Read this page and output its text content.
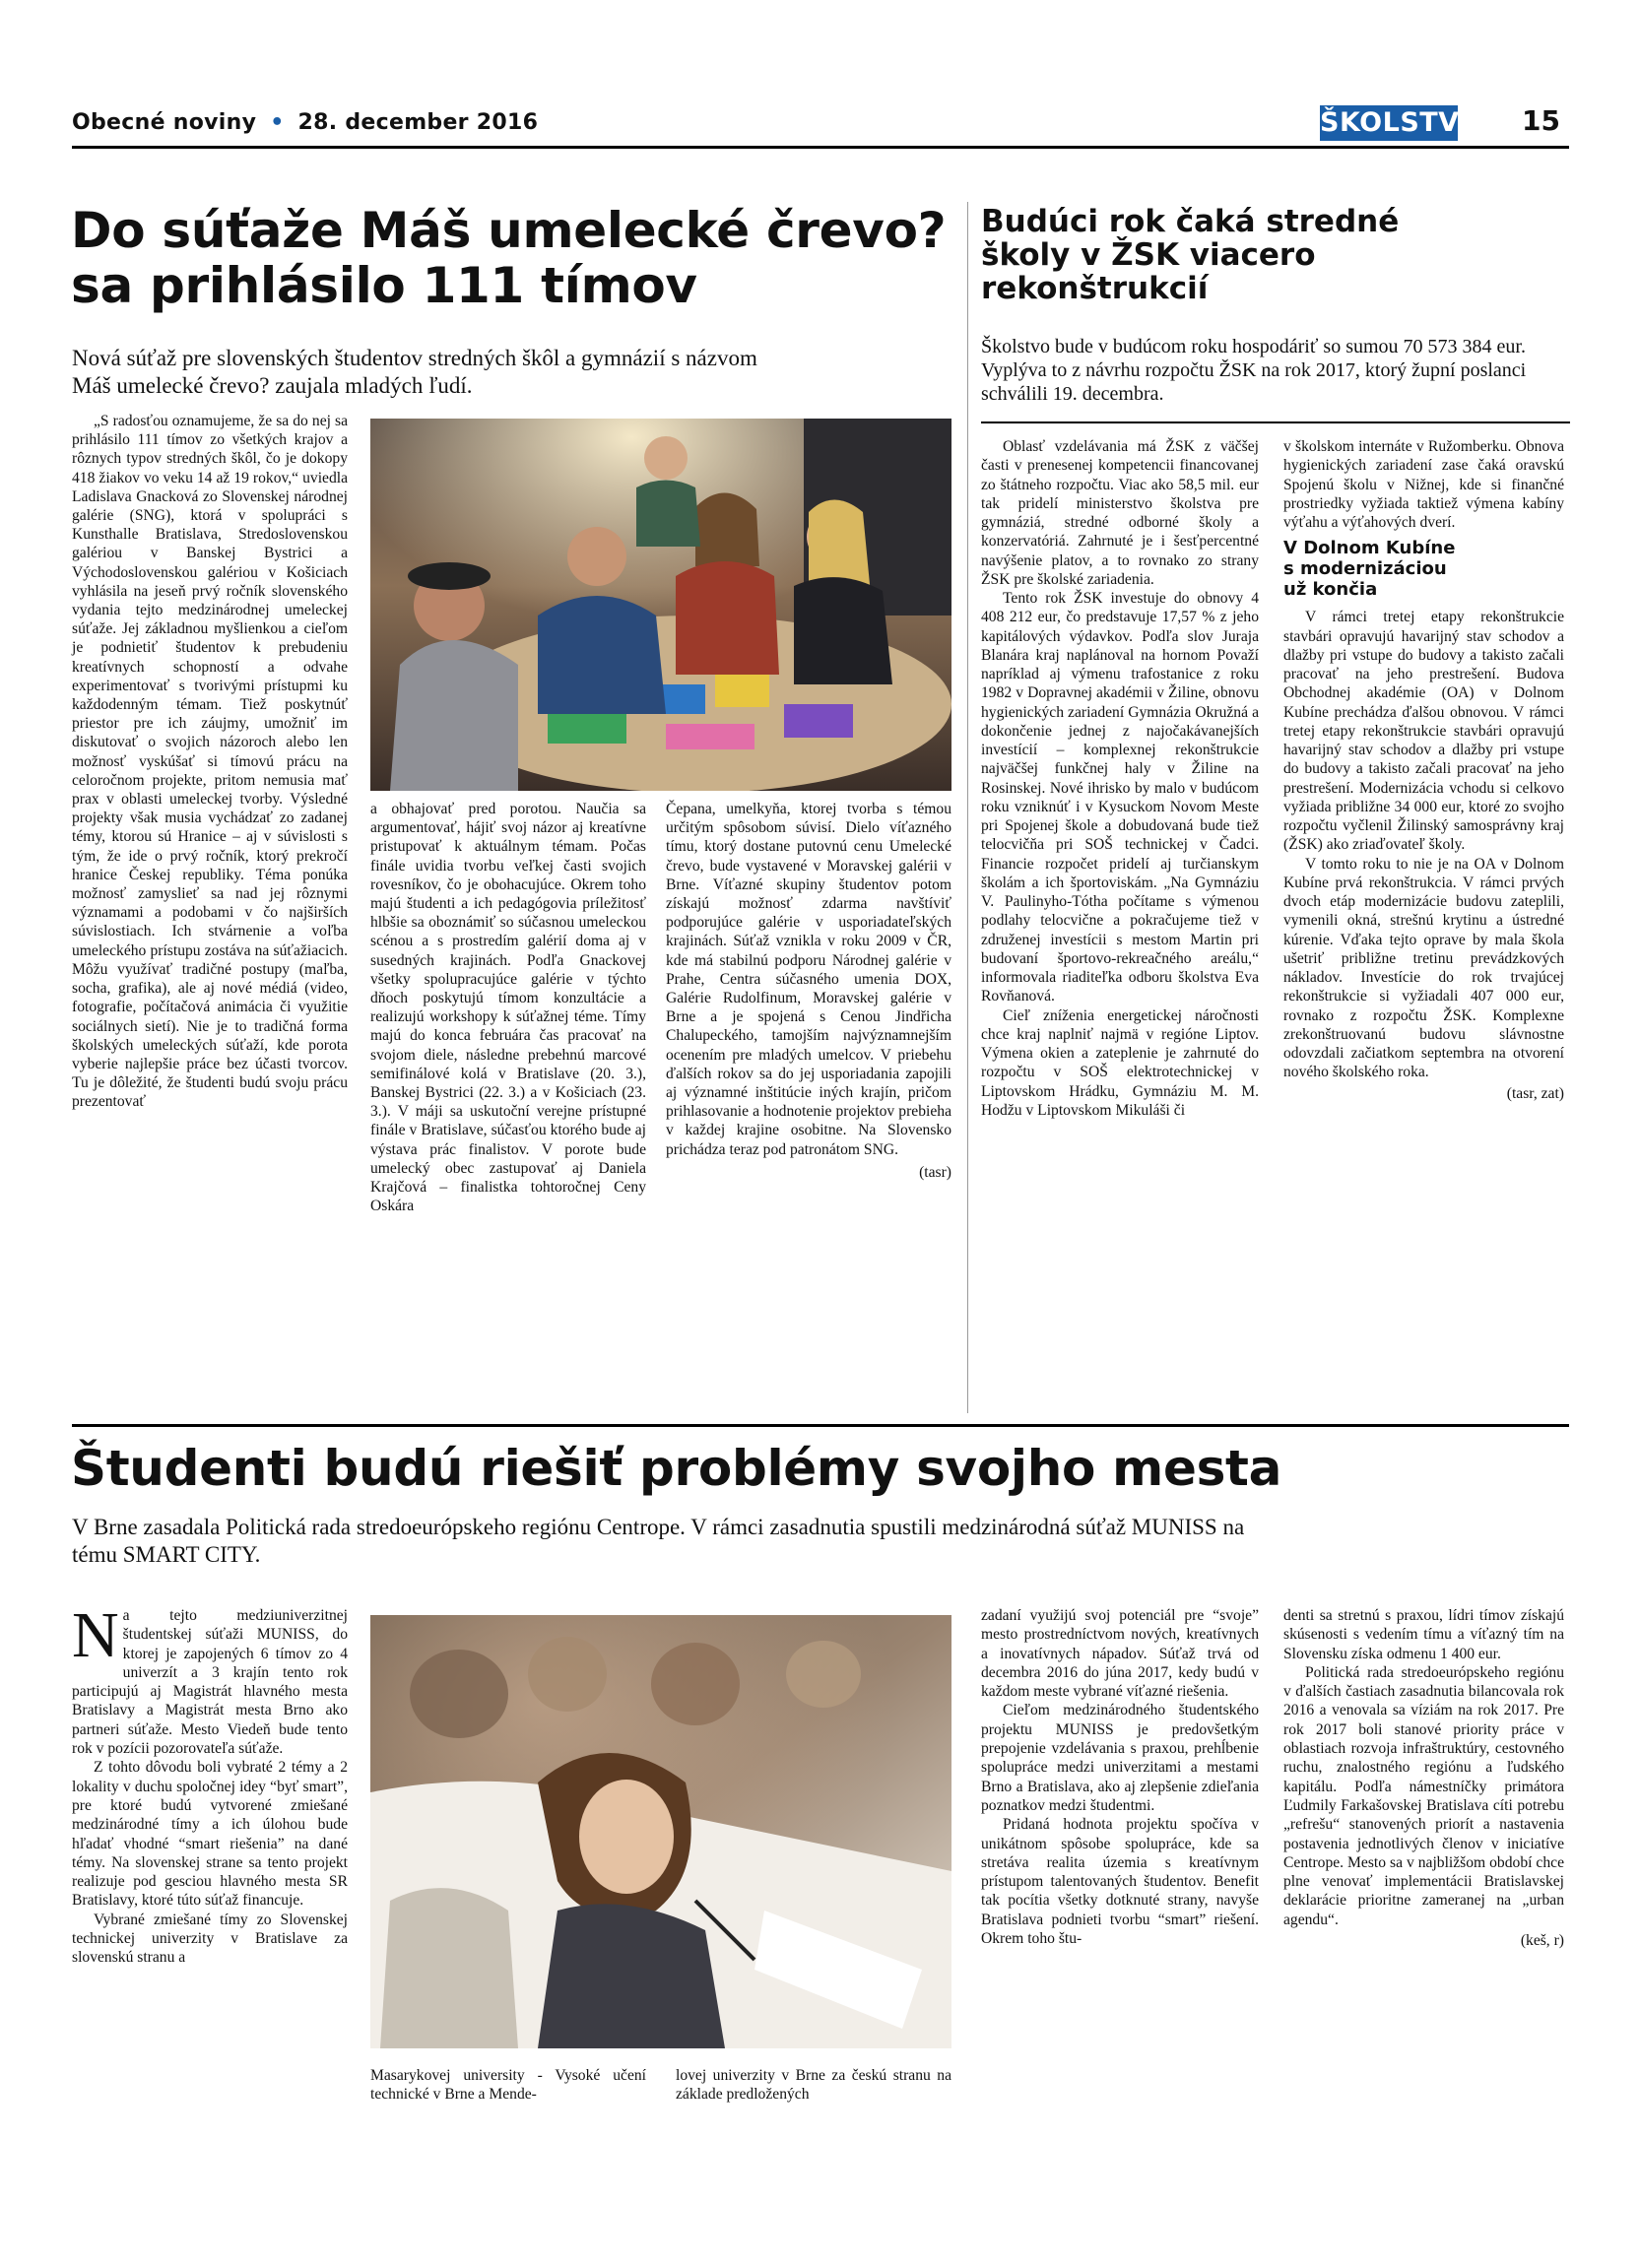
Obecné noviny • 28. december 2016	ŠKOLSTVO 15
Do súťaže Máš umelecké črevo?
sa prihlásilo 111 tímov
Nová súťaž pre slovenských študentov stredných škôl a gymnázií s názvom
Máš umelecké črevo? zaujala mladých ľudí.

„S radosťou oznamujeme, že sa do nej sa prihlásilo 111 tímov zo všetkých krajov a rôznych typov stredných škôl, čo je dokopy 418 žiakov vo veku 14 až 19 rokov,“ uviedla Ladislava Gnacková zo Slovenskej národnej galérie (SNG), ktorá v spolupráci s Kunsthalle Bratislava, Stredoslovenskou galériou v Banskej Bystrici a Východoslovenskou galériou v Košiciach vyhlásila na jeseň prvý ročník slovenského vydania tejto medzinárodnej umeleckej súťaže. Jej základnou myšlienkou a cieľom je podnietiť študentov k prebudeniu kreatívnych schopností a odvahe experimentovať s tvorivými prístupmi ku každodenným témam. Tiež poskytnúť priestor pre ich záujmy, umožniť im diskutovať o svojich názoroch alebo len možnosť vyskúšať si tímovú prácu na celoročnom projekte, pritom nemusia mať prax v oblasti umeleckej tvorby. Výsledné projekty však musia vychádzať zo zadanej témy, ktorou sú Hranice – aj v súvislosti s tým, že ide o prvý ročník, ktorý prekročí hranice Českej republiky. Téma ponúka možnosť zamyslieť sa nad jej rôznymi významami a podobami v čo najširších súvislostiach. Ich stvárnenie a voľba umeleckého prístupu zostáva na súťažiacich. Môžu využívať tradičné postupy (maľba, socha, grafika), ale aj nové médiá (video, fotografie, počítačová animácia či využitie sociálnych sietí). Nie je to tradičná forma školských umeleckých súťaží, kde porota vyberie najlepšie práce bez účasti tvorcov. Tu je dôležité, že študenti budú svoju prácu prezentovať

a obhajovať pred porotou. Naučia sa argumentovať, hájiť svoj názor aj kreatívne pristupovať k aktuálnym témam. Počas finále uvidia tvorbu veľkej časti svojich rovesníkov, čo je obohacujúce. Okrem toho majú študenti a ich pedagógovia príležitosť hlbšie sa oboznámiť so súčasnou umeleckou scénou a s prostredím galérií doma aj v susedných krajinách. Podľa Gnackovej všetky spolupracujúce galérie v týchto dňoch poskytujú tímom konzultácie a realizujú workshopy k súťažnej téme. Tímy majú do konca februára čas pracovať na svojom diele, následne prebehnú marcové semifinálové kolá v Bratislave (20. 3.), Banskej Bystrici (22. 3.) a v Košiciach (23. 3.). V máji sa uskutoční verejne prístupné finále v Bratislave, súčasťou ktorého bude aj výstava prác finalistov. V porote bude umelecký obec zastupovať aj Daniela Krajčová – finalistka tohtoročnej Ceny Oskára

Čepana, umelkyňa, ktorej tvorba s témou určitým spôsobom súvisí. Dielo víťazného tímu, ktorý dostane putovnú cenu Umelecké črevo, bude vystavené v Moravskej galérii v Brne. Víťazné skupiny študentov potom získajú možnosť zdarma navštíviť podporujúce galérie v usporiadateľských krajinách. Súťaž vznikla v roku 2009 v ČR, kde má stabilnú podporu Národnej galérie v Prahe, Centra súčasného umenia DOX, Galérie Rudolfinum, Moravskej galérie v Brne a je spojená s Cenou Jindřicha Chalupeckého, tamojším najvýznamnejším ocenením pre mladých umelcov. V priebehu ďalších rokov sa do jej usporiadania zapojili aj významné inštitúcie iných krajín, pričom prihlasovanie a hodnotenie projektov prebieha v každej krajine osobitne. Na Slovensko prichádza teraz pod patronátom SNG.

(tasr)

Budúci rok čaká stredné
školy v ŽSK viacero
rekonštrukcií
Školstvo bude v budúcom roku hospodáriť so sumou 70 573 384 eur. Vyplýva to z návrhu rozpočtu ŽSK na rok 2017, ktorý župní poslanci schválili 19. decembra.

Oblasť vzdelávania má ŽSK z väčšej časti v prenesenej kompetencii financovanej zo štátneho rozpočtu. Viac ako 58,5 mil. eur tak pridelí ministerstvo školstva pre gymnáziá, stredné odborné školy a konzervatóriá. Zahrnuté je i šesťpercentné navýšenie platov, a to rovnako zo strany ŽSK pre školské zariadenia.

Tento rok ŽSK investuje do obnovy 4 408 212 eur, čo predstavuje 17,57 % z jeho kapitálových výdavkov. Podľa slov Juraja Blanára kraj naplánoval na hornom Považí napríklad aj výmenu trafostanice z roku 1982 v Dopravnej akadémii v Žiline, obnovu hygienických zariadení Gymnázia Okružná a dokončenie jednej z najočakávanejších investícií – komplexnej rekonštrukcie najväčšej funkčnej haly v Žiline na Rosinskej. Nové ihrisko by malo v budúcom roku vzniknúť i v Kysuckom Novom Meste pri Spojenej škole a dobudovaná bude tiež telocvičňa pri SOŠ technickej v Čadci. Financie rozpočet pridelí aj turčianskym školám a ich športoviskám. „Na Gymnáziu V. Paulinyho-Tótha počítame s výmenou podlahy telocvične a pokračujeme tiež v združenej investícii s mestom Martin pri budovaní športovo-rekreačného areálu,“ informovala riaditeľka odboru školstva Eva Rovňanová.

Cieľ zníženia energetickej náročnosti chce kraj naplniť najmä v regióne Liptov. Výmena okien a zateplenie je zahrnuté do rozpočtu v SOŠ elektrotechnickej v Liptovskom Hrádku, Gymnáziu M. M. Hodžu v Liptovskom Mikuláši či

v školskom internáte v Ružomberku. Obnova hygienických zariadení zase čaká oravskú Spojenú školu v Nižnej, kde si finančné prostriedky vyžiada taktiež výmena kabíny výťahu a výťahových dverí.

V Dolnom Kubíne
s modernizáciou
už končia

V rámci tretej etapy rekonštrukcie stavbári opravujú havarijný stav schodov a dlažby pri vstupe do budovy a takisto začali pracovať na jeho prestrešení. Budova Obchodnej akadémie (OA) v Dolnom Kubíne prechádza ďalšou obnovou. V rámci tretej etapy rekonštrukcie stavbári opravujú havarijný stav schodov a dlažby pri vstupe do budovy a takisto začali pracovať na jeho prestrešení. Modernizácia vchodu si celkovo vyžiada približne 34 000 eur, ktoré zo svojho rozpočtu vyčlenil Žilinský samosprávny kraj (ŽSK) ako zriaďovateľ školy.

V tomto roku to nie je na OA v Dolnom Kubíne prvá rekonštrukcia. V rámci prvých dvoch etáp modernizácie budovu zateplili, vymenili okná, strešnú krytinu a ústredné kúrenie. Vďaka tejto oprave by mala škola ušetriť približne tretinu prevádzkových nákladov. Investície do rok trvajúcej rekonštrukcie si vyžiadali 407 000 eur, rovnako z rozpočtu ŽSK. Komplexne zrekonštruovanú budovu slávnostne odovzdali začiatkom septembra na otvorení nového školského roka.

(tasr, zat)

Študenti budú riešiť problémy svojho mesta
V Brne zasadala Politická rada stredoeurópskeho regiónu Centrope. V rámci zasadnutia spustili medzinárodná súťaž MUNISS na
tému SMART CITY.

Na tejto medziuniverzitnej študentskej súťaži MUNISS, do ktorej je zapojených 6 tímov zo 4 univerzít a 3 krajín tento rok participujú aj Magistrát hlavného mesta Bratislavy a Magistrát mesta Brno ako partneri súťaže. Mesto Viedeň bude tento rok v pozícii pozorovateľa súťaže.

Z tohto dôvodu boli vybraté 2 témy a 2 lokality v duchu spoločnej idey “byť smart”, pre ktoré budú vytvorené zmiešané medzinárodné tímy a ich úlohou bude hľadať vhodné “smart riešenia” na dané témy. Na slovenskej strane sa tento projekt realizuje pod gesciou hlavného mesta SR Bratislavy, ktoré túto súťaž financuje.

Vybrané zmiešané tímy zo Slovenskej technickej univerzity v Bratislave za slovenskú stranu a

Masarykovej university - Vysoké učení technické v Brne a Mende-

lovej univerzity v Brne za českú stranu na základe predložených

zadaní využijú svoj potenciál pre “svoje” mesto prostredníctvom nových, kreatívnych a inovatívnych nápadov. Súťaž trvá od decembra 2016 do júna 2017, kedy budú v každom meste vybrané víťazné riešenia.

Cieľom medzinárodného študentského projektu MUNISS je predovšetkým prepojenie vzdelávania s praxou, prehĺbenie spolupráce medzi univerzitami a mestami Brno a Bratislava, ako aj zlepšenie zdieľania poznatkov medzi študentmi.

Pridaná hodnota projektu spočíva v unikátnom spôsobe spolupráce, kde sa stretáva realita územia s kreatívnym prístupom talentovaných študentov. Benefit tak pocítia všetky dotknuté strany, navyše Bratislava podnieti tvorbu “smart” riešení. Okrem toho štu-

denti sa stretnú s praxou, lídri tímov získajú skúsenosti s vedením tímu a víťazný tím na Slovensku získa odmenu 1 400 eur.

Politická rada stredoeurópskeho regiónu v ďalších častiach zasadnutia bilancovala rok 2016 a venovala sa víziám na rok 2017. Pre rok 2017 boli stanové priority práce v oblastiach rozvoja infraštruktúry, cestovného ruchu, znalostného regiónu a ľudského kapitálu. Podľa námestníčky primátora Ľudmily Farkašovskej Bratislava cíti potrebu „refrešu“ stanovených priorít a nastavenia postavenia jednotlivých členov v iniciatíve Centrope. Mesto sa v najbližšom období chce plne venovať implementácii Bratislavskej deklarácie prioritne zameranej na „urban agendu“.

(keš, r)
